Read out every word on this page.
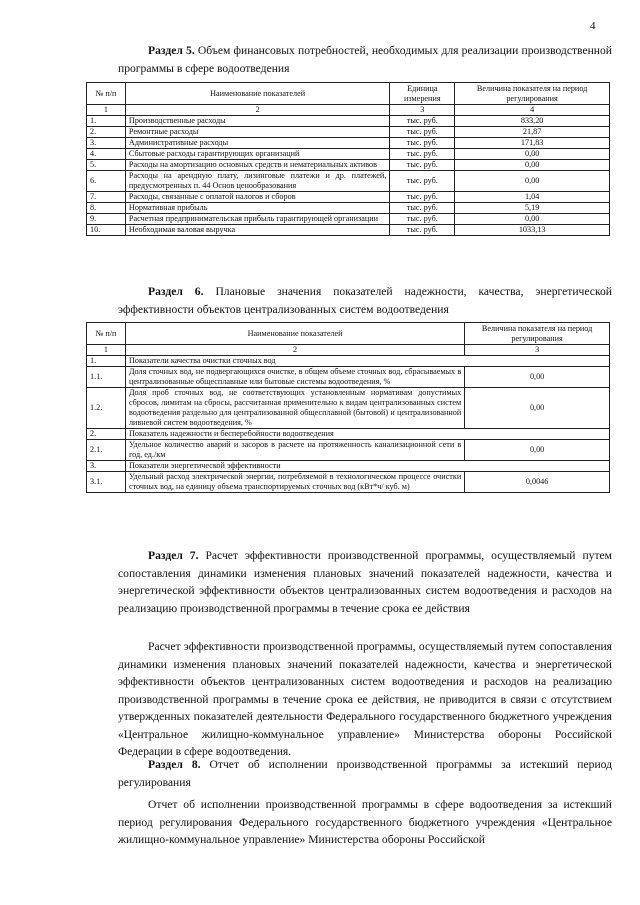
4
Раздел 5. Объем финансовых потребностей, необходимых для реализации производственной программы в сфере водоотведения
№ п/п	Наименование показателей	Единица измерения	Величина показателя на период регулирования
1	2	3	4
1.	Производственные расходы	тыс. руб.	833,20
2.	Ремонтные расходы	тыс. руб.	21,87
3.	Административные расходы	тыс. руб.	171,83
4.	Сбытовые расходы гарантирующих организаций	тыс. руб.	0,00
5.	Расходы на амортизацию основных средств и нематериальных активов	тыс. руб.	0,00
6.	Расходы на арендную плату, лизинговые платежи и др. платежей, предусмотренных п. 44 Основ ценообразования	тыс. руб.	0,00
7.	Расходы, связанные с оплатой налогов и сборов	тыс. руб.	1,04
8.	Нормативная прибыль	тыс. руб.	5,19
9.	Расчетная предпринимательская прибыль гарантирующей организации	тыс. руб.	0,00
10.	Необходимая валовая выручка	тыс. руб.	1033,13
Раздел 6. Плановые значения показателей надежности, качества, энергетической эффективности объектов централизованных систем водоотведения
№ п/п	Наименование показателей	Величина показателя на период регулирования
1	2	3
1.	Показатели качества очистки сточных вод	
1.1.	Доля сточных вод, не подвергающихся очистке, в общем объеме сточных вод, сбрасываемых в централизованные общесплавные или бытовые системы водоотведения, %	0,00
1.2.	Доля проб сточных вод, не соответствующих установленным нормативам допустимых сбросов, лимитам на сбросы, рассчитанная применительно к видам централизованных систем водоотведения раздельно для централизованной общесплавной (бытовой) и централизованной ливневой систем водоотведения, %	0,00
2.	Показатель надежности и бесперебойности водоотведения	
2.1.	Удельное количество аварий и засоров в расчете на протяженность канализационной сети в год, ед./км	0,00
3.	Показатели энергетической эффективности	
3.1.	Удельный расход электрической энергии, потребляемой в технологическом процессе очистки сточных вод, на единицу объема транспортируемых сточных вод (кВт*ч/ куб. м)	0,0046
Раздел 7. Расчет эффективности производственной программы, осуществляемый путем сопоставления динамики изменения плановых значений показателей надежности, качества и энергетической эффективности объектов централизованных систем водоотведения и расходов на реализацию производственной программы в течение срока ее действия
Расчет эффективности производственной программы, осуществляемый путем сопоставления динамики изменения плановых значений показателей надежности, качества и энергетической эффективности объектов централизованных систем водоотведения и расходов на реализацию производственной программы в течение срока ее действия, не приводится в связи с отсутствием утвержденных показателей деятельности Федерального государственного бюджетного учреждения «Центральное жилищно-коммунальное управление» Министерства обороны Российской Федерации в сфере водоотведения.
Раздел 8. Отчет об исполнении производственной программы за истекший период регулирования
Отчет об исполнении производственной программы в сфере водоотведения за истекший период регулирования Федерального государственного бюджетного учреждения «Центральное жилищно-коммунальное управление» Министерства обороны Российской
